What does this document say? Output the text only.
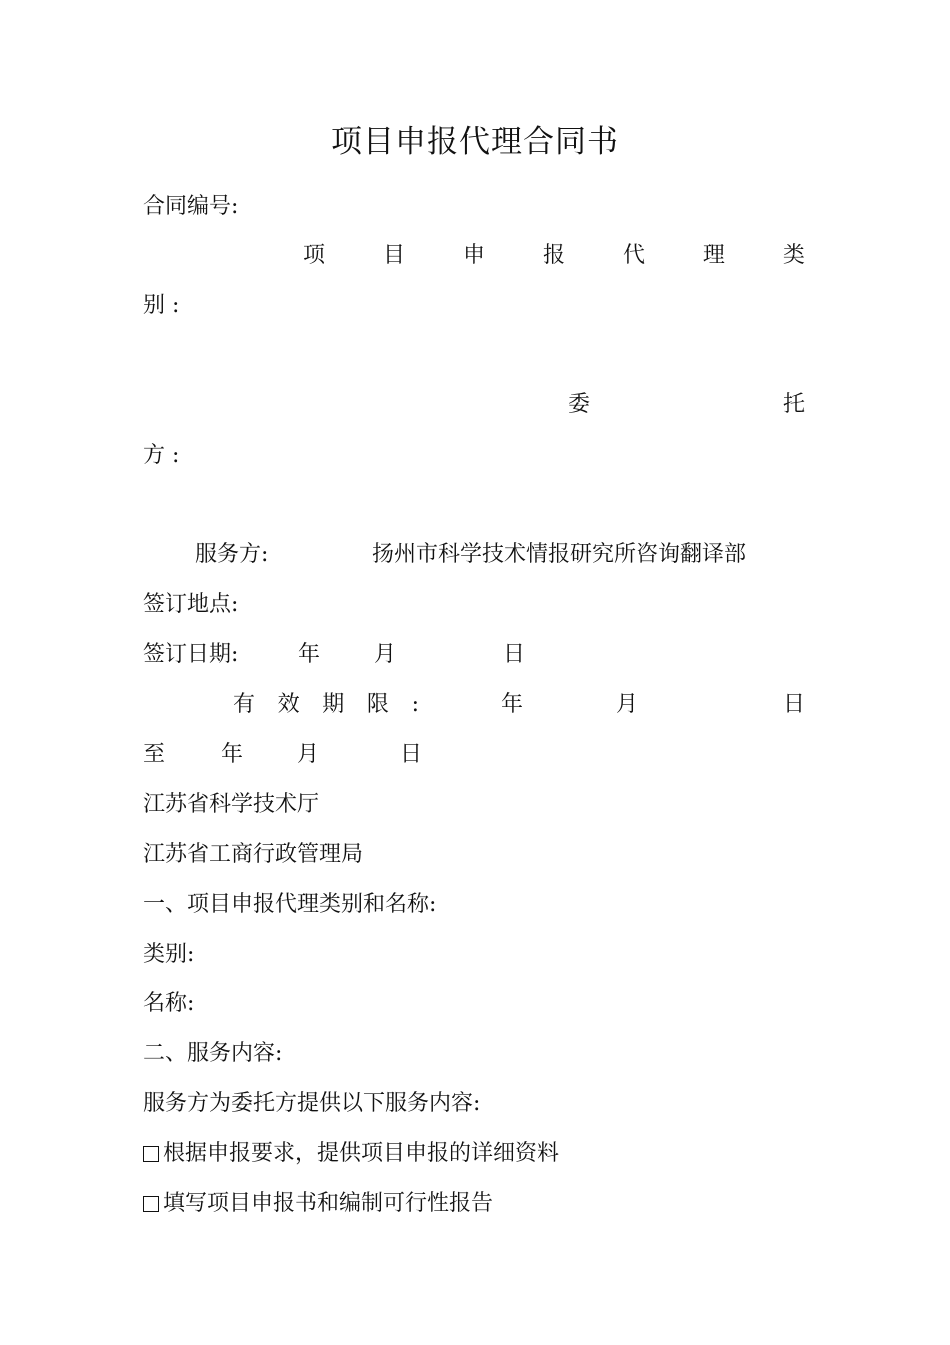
项目申报代理合同书
合同编号:
项	目	申	报	代	理	类
别 :
委	托
方 :
服务方:	扬州市科学技术情报研究所咨询翻译部
签订地点:
签订日期:	年 月	日
有 效 期 限 :	年	月	日
至	年 月	日
江苏省科学技术厅
江苏省工商行政管理局
一、项目申报代理类别和名称:
类别:
名称:
二、服务内容:
服务方为委托方提供以下服务内容:
根据申报要求，提供项目申报的详细资料
填写项目申报书和编制可行性报告
